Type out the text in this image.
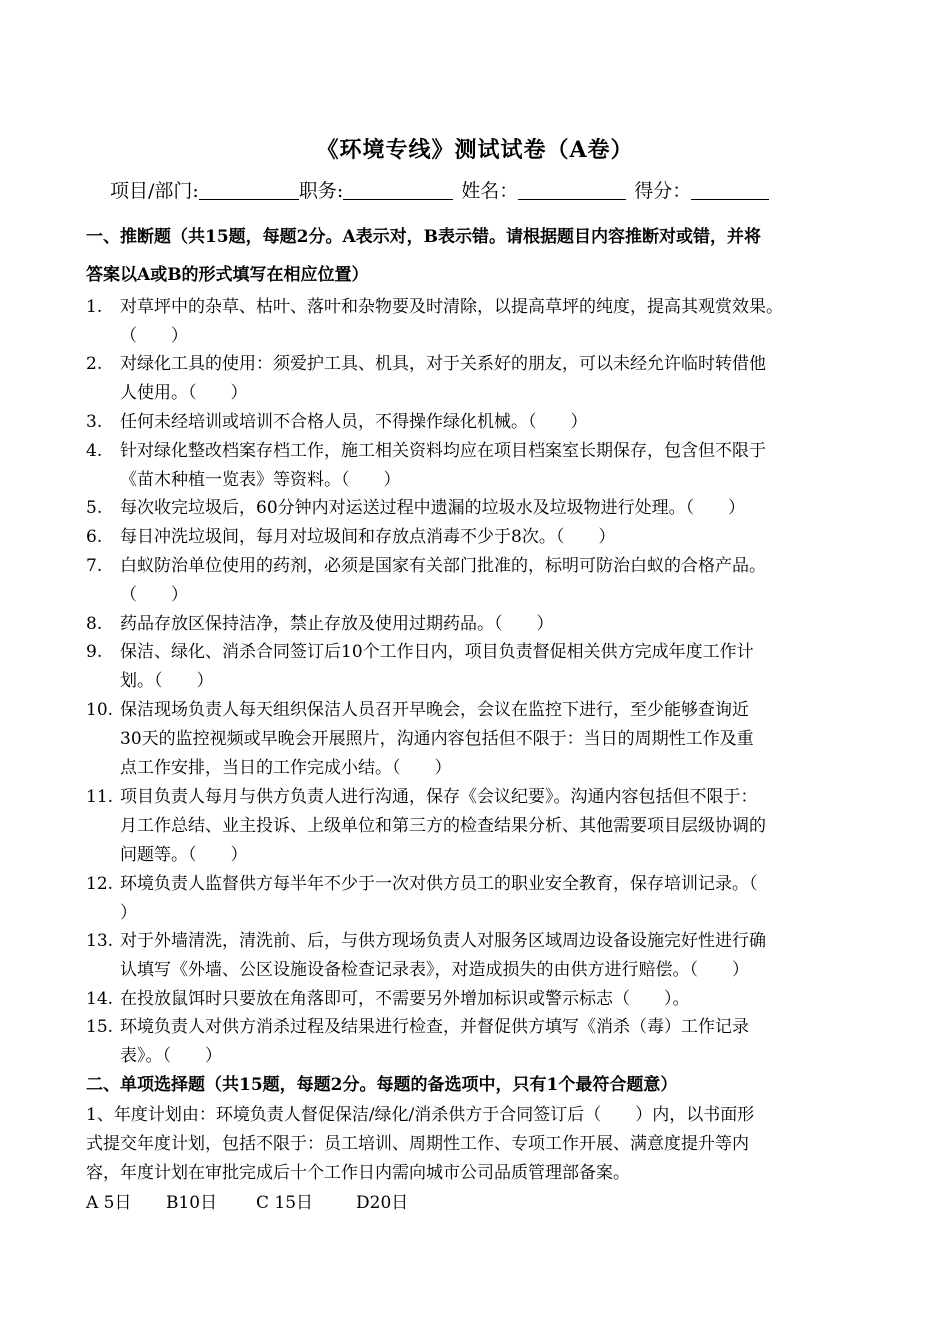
《环境专线》测试试卷（A卷）
项目/部门:	职务:	姓名：	得分：
一、推断题（共15题，每题2分。A表示对，B表示错。请根据题目内容推断对或错，并将
答案以A或B的形式填写在相应位置）
1. 对草坪中的杂草、枯叶、落叶和杂物要及时清除，以提高草坪的纯度，提高其观赏效果。
（　　）
2. 对绿化工具的使用：须爱护工具、机具，对于关系好的朋友，可以未经允许临时转借他
人使用。（　　）
3. 任何未经培训或培训不合格人员，不得操作绿化机械。（　　）
4. 针对绿化整改档案存档工作，施工相关资料均应在项目档案室长期保存，包含但不限于
《苗木种植一览表》等资料。（　　）
5. 每次收完垃圾后，60分钟内对运送过程中遗漏的垃圾水及垃圾物进行处理。（　　）
6. 每日冲洗垃圾间，每月对垃圾间和存放点消毒不少于8次。（　　）
7. 白蚁防治单位使用的药剂，必须是国家有关部门批准的，标明可防治白蚁的合格产品。
（　　）
8. 药品存放区保持洁净，禁止存放及使用过期药品。（　　）
9. 保洁、绿化、消杀合同签订后10个工作日内，项目负责督促相关供方完成年度工作计
划。（　　）
10. 保洁现场负责人每天组织保洁人员召开早晚会，会议在监控下进行，至少能够查询近
30天的监控视频或早晚会开展照片，沟通内容包括但不限于：当日的周期性工作及重
点工作安排，当日的工作完成小结。（　　）
11. 项目负责人每月与供方负责人进行沟通，保存《会议纪要》。沟通内容包括但不限于：
月工作总结、业主投诉、上级单位和第三方的检查结果分析、其他需要项目层级协调的
问题等。（　　）
12. 环境负责人监督供方每半年不少于一次对供方员工的职业安全教育，保存培训记录。（
）
13. 对于外墙清洗，清洗前、后，与供方现场负责人对服务区域周边设备设施完好性进行确
认填写《外墙、公区设施设备检查记录表》，对造成损失的由供方进行赔偿。（　　）
14. 在投放鼠饵时只要放在角落即可，不需要另外增加标识或警示标志（　　）。
15. 环境负责人对供方消杀过程及结果进行检查，并督促供方填写《消杀（毒）工作记录
表》。（　　）
二、单项选择题（共15题，每题2分。每题的备选项中，只有1个最符合题意）
1、年度计划由：环境负责人督促保洁/绿化/消杀供方于合同签订后（　　）内，以书面形
式提交年度计划，包括不限于：员工培训、周期性工作、专项工作开展、满意度提升等内
容，年度计划在审批完成后十个工作日内需向城市公司品质管理部备案。
A 5日 B10日 C 15日	D20日
